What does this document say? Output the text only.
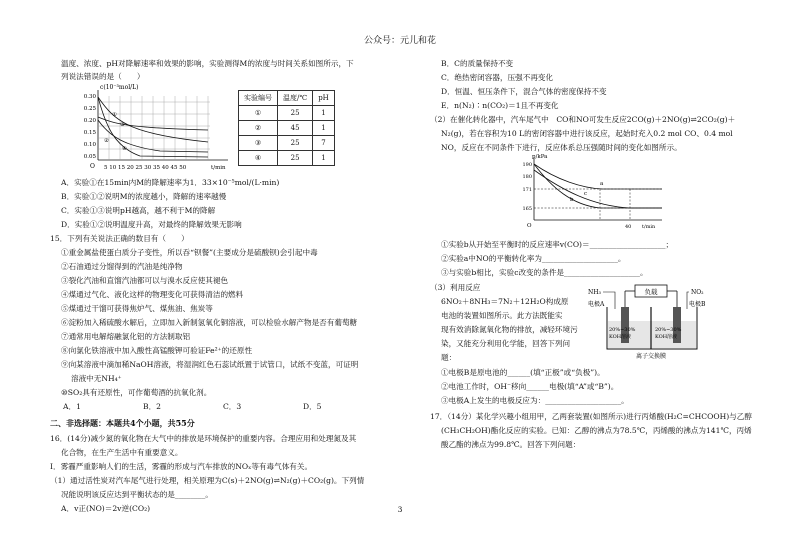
公众号：元儿和花
温度、浓度、pH对降解速率和效果的影响，实验测得M的浓度与时间关系如图所示，下
列说法错误的是（　　）
c(10⁻³mol/L)
0.30
0.25
0.20
0.15
0.10
0.05
O 5 10 15 20 25 30 35 40 45 50	t/min
①
②
③
④
实验编号	温度/℃	pH
①	25	1
②	45	1
③	25	7
④	25	1
A．实验①在15min内M的降解速率为1．33×10⁻⁵mol/(L·min)
B．实验①②说明M的浓度越小，降解的速率越慢
C．实验①③说明pH越高，越不利于M的降解
D．实验①②说明温度升高，对最终的降解效果无影响
15．下列有关说法正确的数目有（　　）
①重金属盐使蛋白质分子变性，所以吞“钡餐”(主要成分是硫酸钡)会引起中毒
②石油通过分馏得到的汽油是纯净物
③裂化汽油和直馏汽油都可以与溴水反应使其褪色
④煤通过气化、液化这样的物理变化可获得清洁的燃料
⑤煤通过干馏可获得焦炉气、煤焦油、焦炭等
⑥淀粉加入稀硫酸水解后，立即加入新制氢氧化铜溶液，可以检验水解产物是否有葡萄糖
⑦通常用电解熔融氯化铝的方法制取铝
⑧向氯化铁溶液中加入酸性高锰酸钾可验证Fe²⁺的还原性
⑨向某溶液中滴加稀NaOH溶液，将湿润红色石蕊试纸置于试管口，试纸不变蓝，可证明
溶液中无NH₄⁺
⑩SO₂具有还原性，可作葡萄酒的抗氧化剂。
A．1	B．2	C．3	D．5
二、非选择题：本题共4个小题，共55分
16．(14分)减少氮的氧化物在大气中的排放是环境保护的重要内容。合理应用和处理氮及其
化合物，在生产生活中有重要意义。
Ⅰ．雾霾严重影响人们的生活，雾霾的形成与汽车排放的NOₓ等有毒气体有关。
（1）通过活性炭对汽车尾气进行处理，相关原理为C(s)＋2NO(g)⇌N₂(g)＋CO₂(g)。下列情
况能说明该反应达到平衡状态的是________。
A．v正(NO)＝2v逆(CO₂)
B．C的质量保持不变
C．绝热密闭容器，压强不再变化
D．恒温、恒压条件下，混合气体的密度保持不变
E．n(N₂)∶n(CO₂)＝1且不再变化
（2）在催化转化器中，汽车尾气中　CO和NO可发生反应2CO(g)＋2NO(g)⇌2CO₂(g)＋
N₂(g)，若在容积为10 L的密闭容器中进行该反应，起始时充入0.2 mol CO、0.4 mol
NO，反应在不同条件下进行，反应体系总压强随时间的变化如图所示。
p/kPa
190
180
171
165
a
b
c
O	40 t/min
①实验b从开始至平衡时的反应速率v(CO)＝____________________；
②实验a中NO的平衡转化率为____________________。
③与实验b相比，实验c改变的条件是____________________。
（3）利用反应
6NO₂＋8NH₃＝7N₂＋12H₂O构成原
电池的装置如图所示。此方法既能实
现有效消除氮氧化物的排放，减轻环境污
染，又能充分利用化学能，回答下列问
题：
负载
NH₃	NO₂
电极A	电极B
20%~30% KOH溶液
20%~30% KOH溶液
离子交换膜
①电极B是原电池的______(填“正极”或“负极”)。
②电池工作时，OH⁻移向______电极(填“A”或“B”)。
③电极A上发生的电极反应为：____________________。
17．（14分）某化学兴趣小组用甲，乙两套装置(如图所示)进行丙烯酸(H₂C=CHCOOH)与乙醇
(CH₃CH₂OH)酯化反应的实验。已知：乙醇的沸点为78.5℃，丙烯酸的沸点为141℃，丙烯
酸乙酯的沸点为99.8℃。回答下列问题：
3
